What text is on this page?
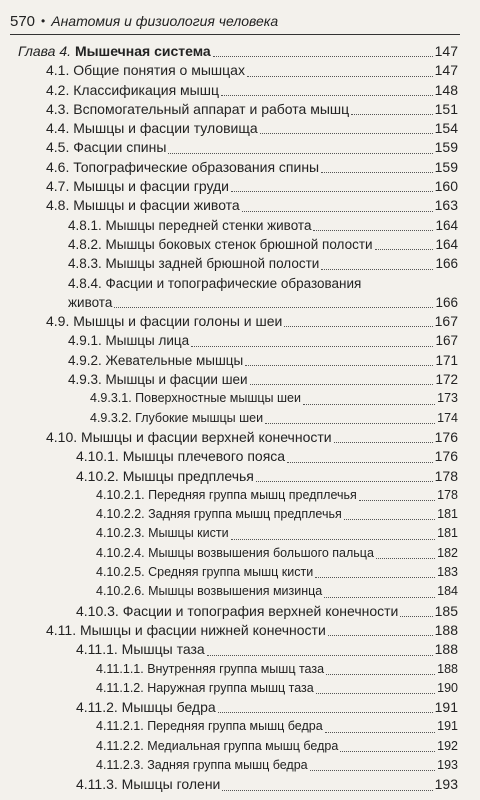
570 • Анатомия и физиология человека
Глава 4. Мышечная система	147
4.1. Общие понятия о мышцах	147
4.2. Классификация мышц	148
4.3. Вспомогательный аппарат и работа мышц	151
4.4. Мышцы и фасции туловища	154
4.5. Фасции спины	159
4.6. Топографические образования спины	159
4.7. Мышцы и фасции груди	160
4.8. Мышцы и фасции живота	163
4.8.1. Мышцы передней стенки живота	164
4.8.2. Мышцы боковых стенок брюшной полости	164
4.8.3. Мышцы задней брюшной полости	166
4.8.4. Фасции и топографические образования
живота	166
4.9. Мышцы и фасции голоны и шеи	167
4.9.1. Мышцы лица	167
4.9.2. Жевательные мышцы	171
4.9.3. Мышцы и фасции шеи	172
4.9.3.1. Поверхностные мышцы шеи	173
4.9.3.2. Глубокие мышцы шеи	174
4.10. Мышцы и фасции верхней конечности	176
4.10.1. Мышцы плечевого пояса	176
4.10.2. Мышцы предплечья	178
4.10.2.1. Передняя группа мышц предплечья	178
4.10.2.2. Задняя группа мышц предплечья	181
4.10.2.3. Мышцы кисти	181
4.10.2.4. Мышцы возвышения большого пальца	182
4.10.2.5. Средняя группа мышц кисти	183
4.10.2.6. Мышцы возвышения мизинца	184
4.10.3. Фасции и топография верхней конечности	185
4.11. Мышцы и фасции нижней конечности	188
4.11.1. Мышцы таза	188
4.11.1.1. Внутренняя группа мышц таза	188
4.11.1.2. Наружная группа мышц таза	190
4.11.2. Мышцы бедра	191
4.11.2.1. Передняя группа мышц бедра	191
4.11.2.2. Медиальная группа мышц бедра	192
4.11.2.3. Задняя группа мышц бедра	193
4.11.3. Мышцы голени	193
